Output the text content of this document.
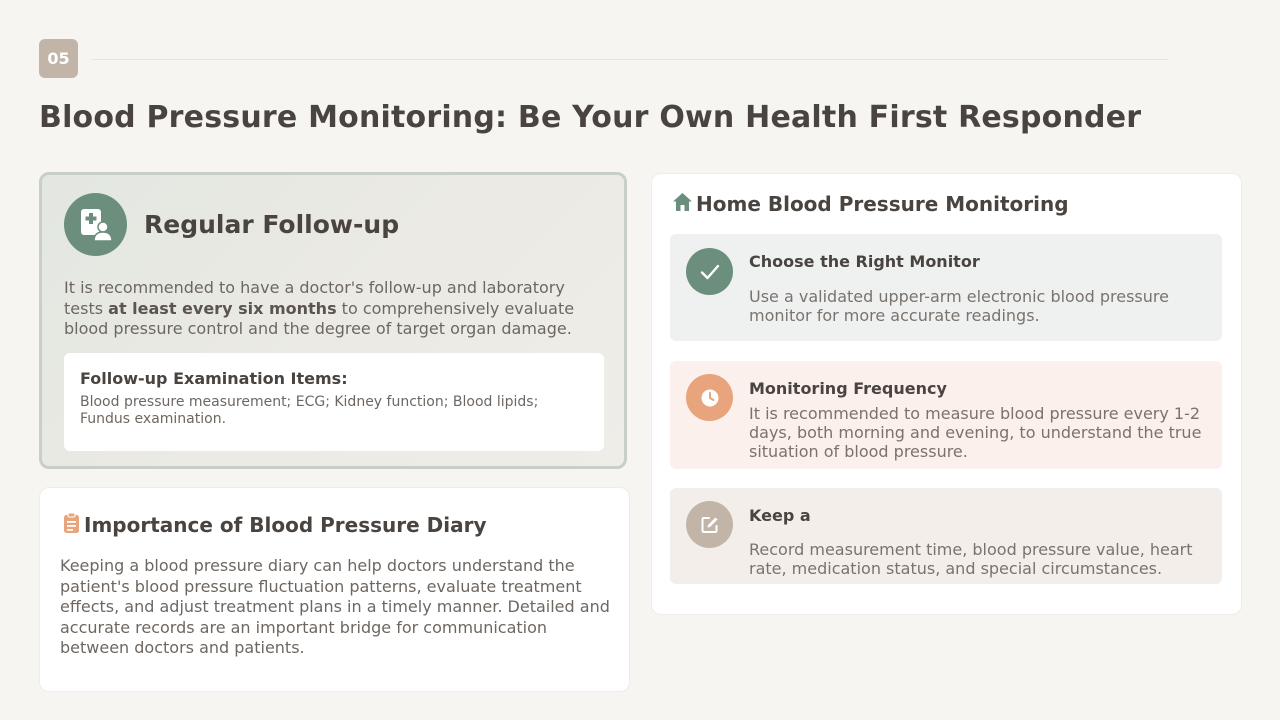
05
Blood Pressure Monitoring: Be Your Own Health First Responder
Regular Follow-up

It is recommended to have a doctor's follow-up and laboratory tests at least every six months to comprehensively evaluate blood pressure control and the degree of target organ damage.

Follow-up Examination Items:

Blood pressure measurement; ECG; Kidney function; Blood lipids; Fundus examination.

Importance of Blood Pressure Diary

Keeping a blood pressure diary can help doctors understand the patient's blood pressure fluctuation patterns, evaluate treatment effects, and adjust treatment plans in a timely manner. Detailed and accurate records are an important bridge for communication between doctors and patients.

Home Blood Pressure Monitoring

Choose the Right Monitor

Use a validated upper-arm electronic blood pressure monitor for more accurate readings.

Monitoring Frequency

It is recommended to measure blood pressure every 1-2 days, both morning and evening, to understand the true situation of blood pressure.

Keep a

Record measurement time, blood pressure value, heart rate, medication status, and special circumstances.
